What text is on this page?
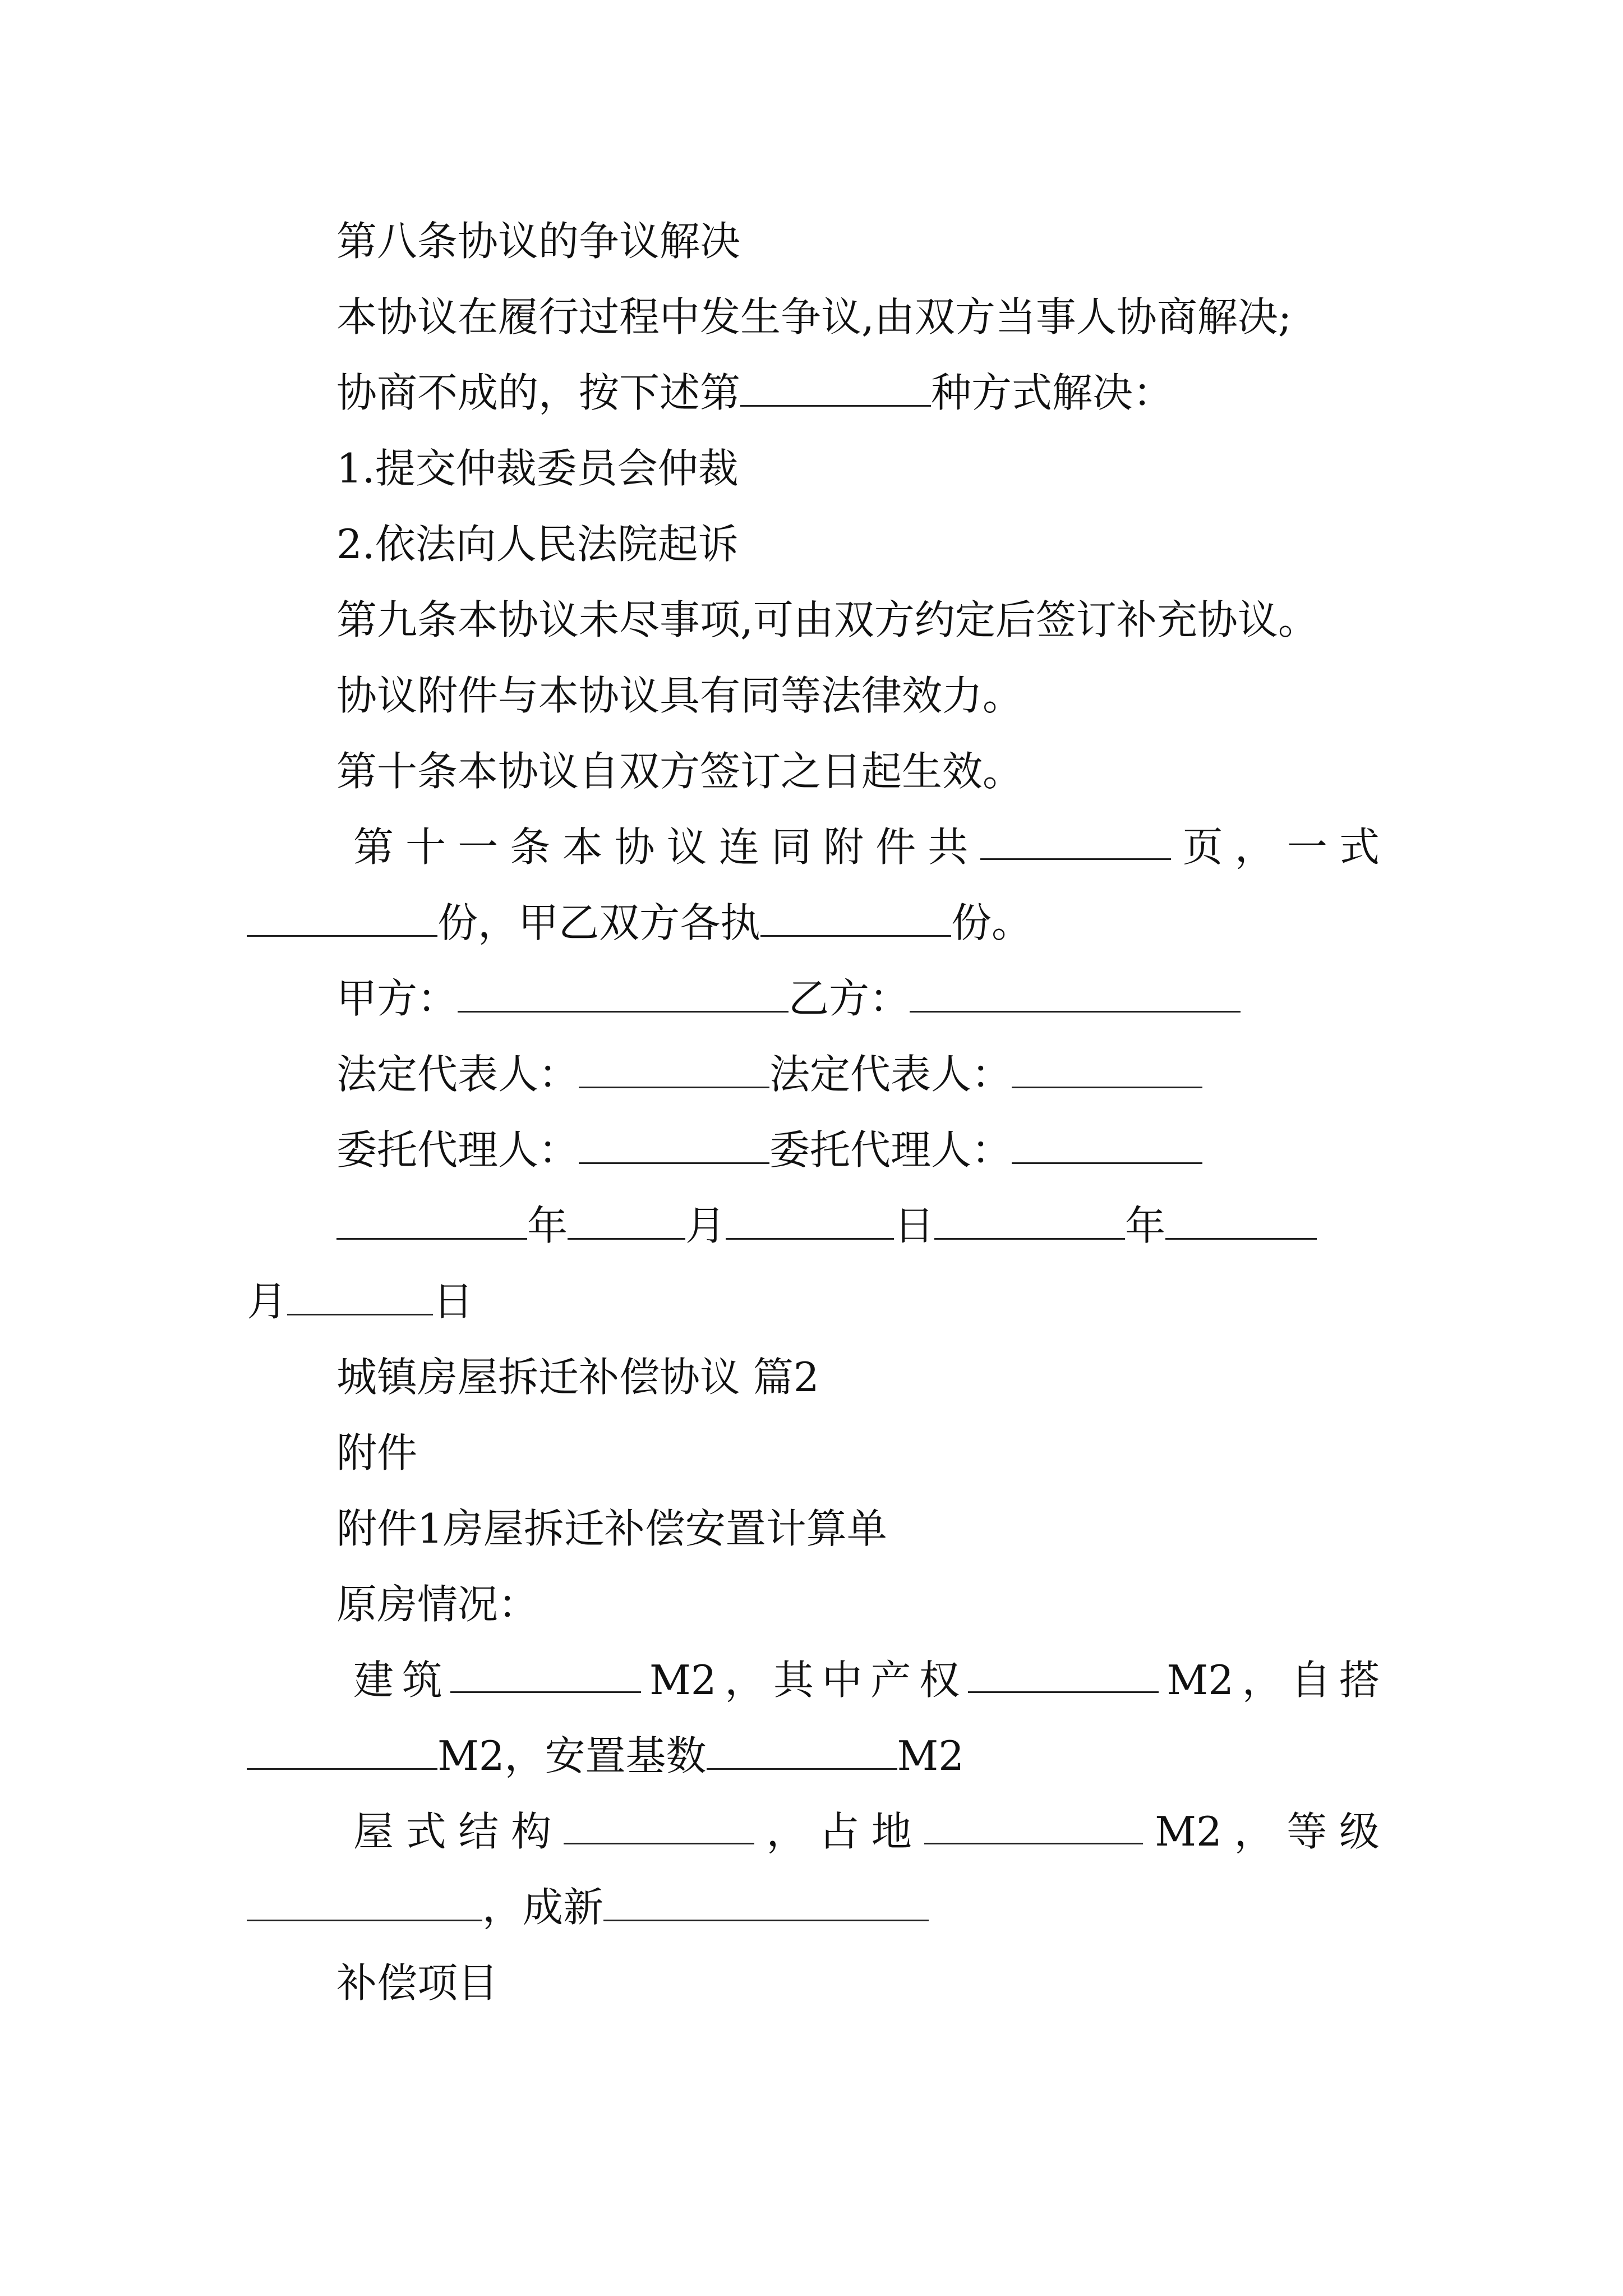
第八条协议的争议解决
本协议在履行过程中发生争议,由双方当事人协商解决;
协商不成的，按下述第	种方式解决：
1.提交仲裁委员会仲裁
2.依法向人民法院起诉
第九条本协议未尽事项,可由双方约定后签订补充协议。
协议附件与本协议具有同等法律效力。
第十条本协议自双方签订之日起生效。
第 十 一 条 本 协 议 连 同 附 件 共	页 ， 一 式
份，甲乙双方各执	份。
甲方：	乙方：
法定代表人：	法定代表人：
委托代理人：	委托代理人：
年	月	日	年
月	日
城镇房屋拆迁补偿协议 篇2
附件
附件1房屋拆迁补偿安置计算单
原房情况：
建 筑	M2 ， 其 中 产 权	M2 ， 自 搭
M2，安置基数	M2
屋 式 结 构	， 占 地	M2 ， 等 级
，成新
补偿项目
